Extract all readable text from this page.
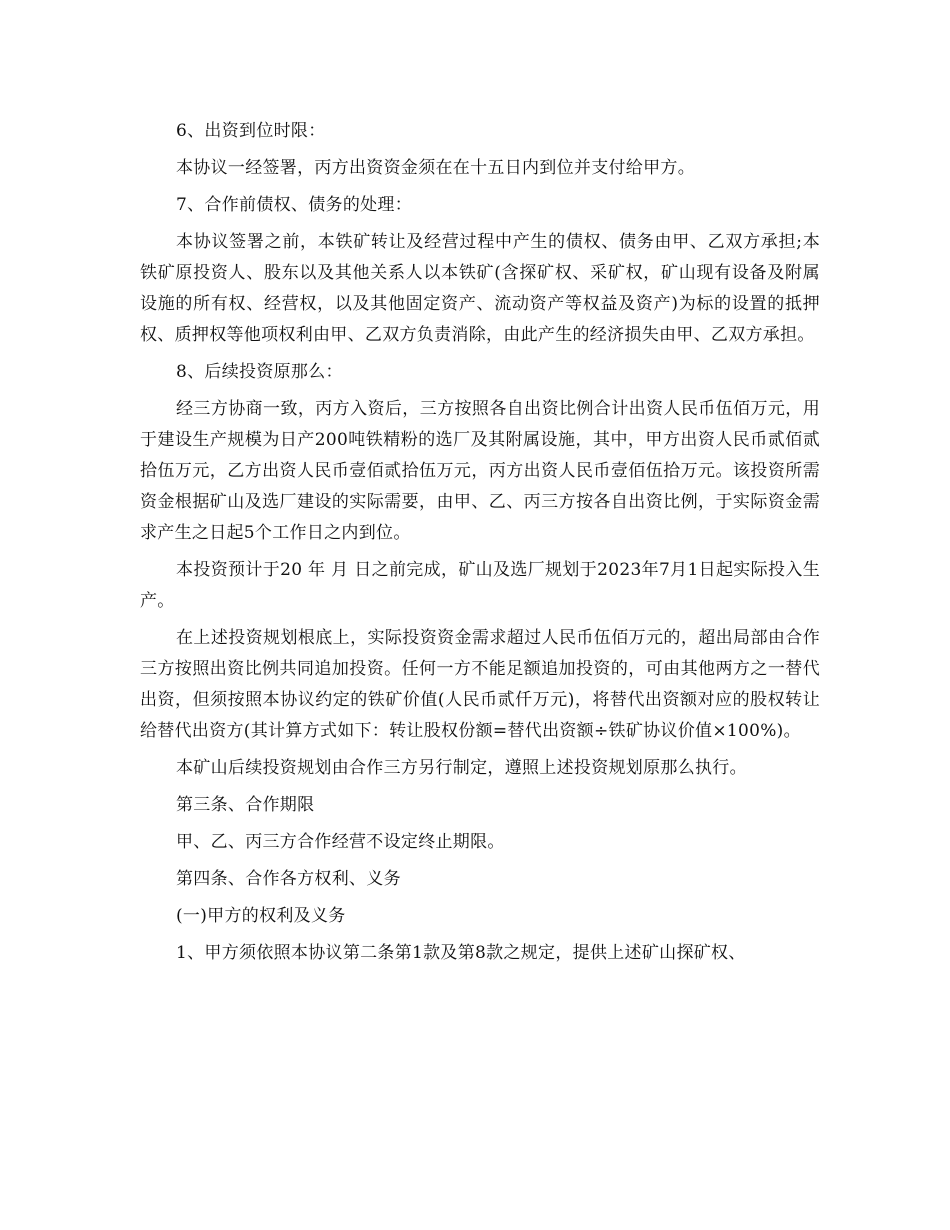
6、出资到位时限：

本协议一经签署，丙方出资资金须在在十五日内到位并支付给甲方。

7、合作前债权、债务的处理：

本协议签署之前，本铁矿转让及经营过程中产生的债权、债务由甲、乙双方承担;本铁矿原投资人、股东以及其他关系人以本铁矿(含探矿权、采矿权，矿山现有设备及附属设施的所有权、经营权，以及其他固定资产、流动资产等权益及资产)为标的设置的抵押权、质押权等他项权利由甲、乙双方负责消除，由此产生的经济损失由甲、乙双方承担。

8、后续投资原那么：

经三方协商一致，丙方入资后，三方按照各自出资比例合计出资人民币伍佰万元，用于建设生产规模为日产200吨铁精粉的选厂及其附属设施，其中，甲方出资人民币贰佰贰拾伍万元，乙方出资人民币壹佰贰拾伍万元，丙方出资人民币壹佰伍拾万元。该投资所需资金根据矿山及选厂建设的实际需要，由甲、乙、丙三方按各自出资比例，于实际资金需求产生之日起5个工作日之内到位。

本投资预计于20 年 月 日之前完成，矿山及选厂规划于2023年7月1日起实际投入生产。

在上述投资规划根底上，实际投资资金需求超过人民币伍佰万元的，超出局部由合作三方按照出资比例共同追加投资。任何一方不能足额追加投资的，可由其他两方之一替代出资，但须按照本协议约定的铁矿价值(人民币贰仟万元)，将替代出资额对应的股权转让给替代出资方(其计算方式如下：转让股权份额=替代出资额÷铁矿协议价值×100%)。

本矿山后续投资规划由合作三方另行制定，遵照上述投资规划原那么执行。

第三条、合作期限

甲、乙、丙三方合作经营不设定终止期限。

第四条、合作各方权利、义务

(一)甲方的权利及义务

1、甲方须依照本协议第二条第1款及第8款之规定，提供上述矿山探矿权、
